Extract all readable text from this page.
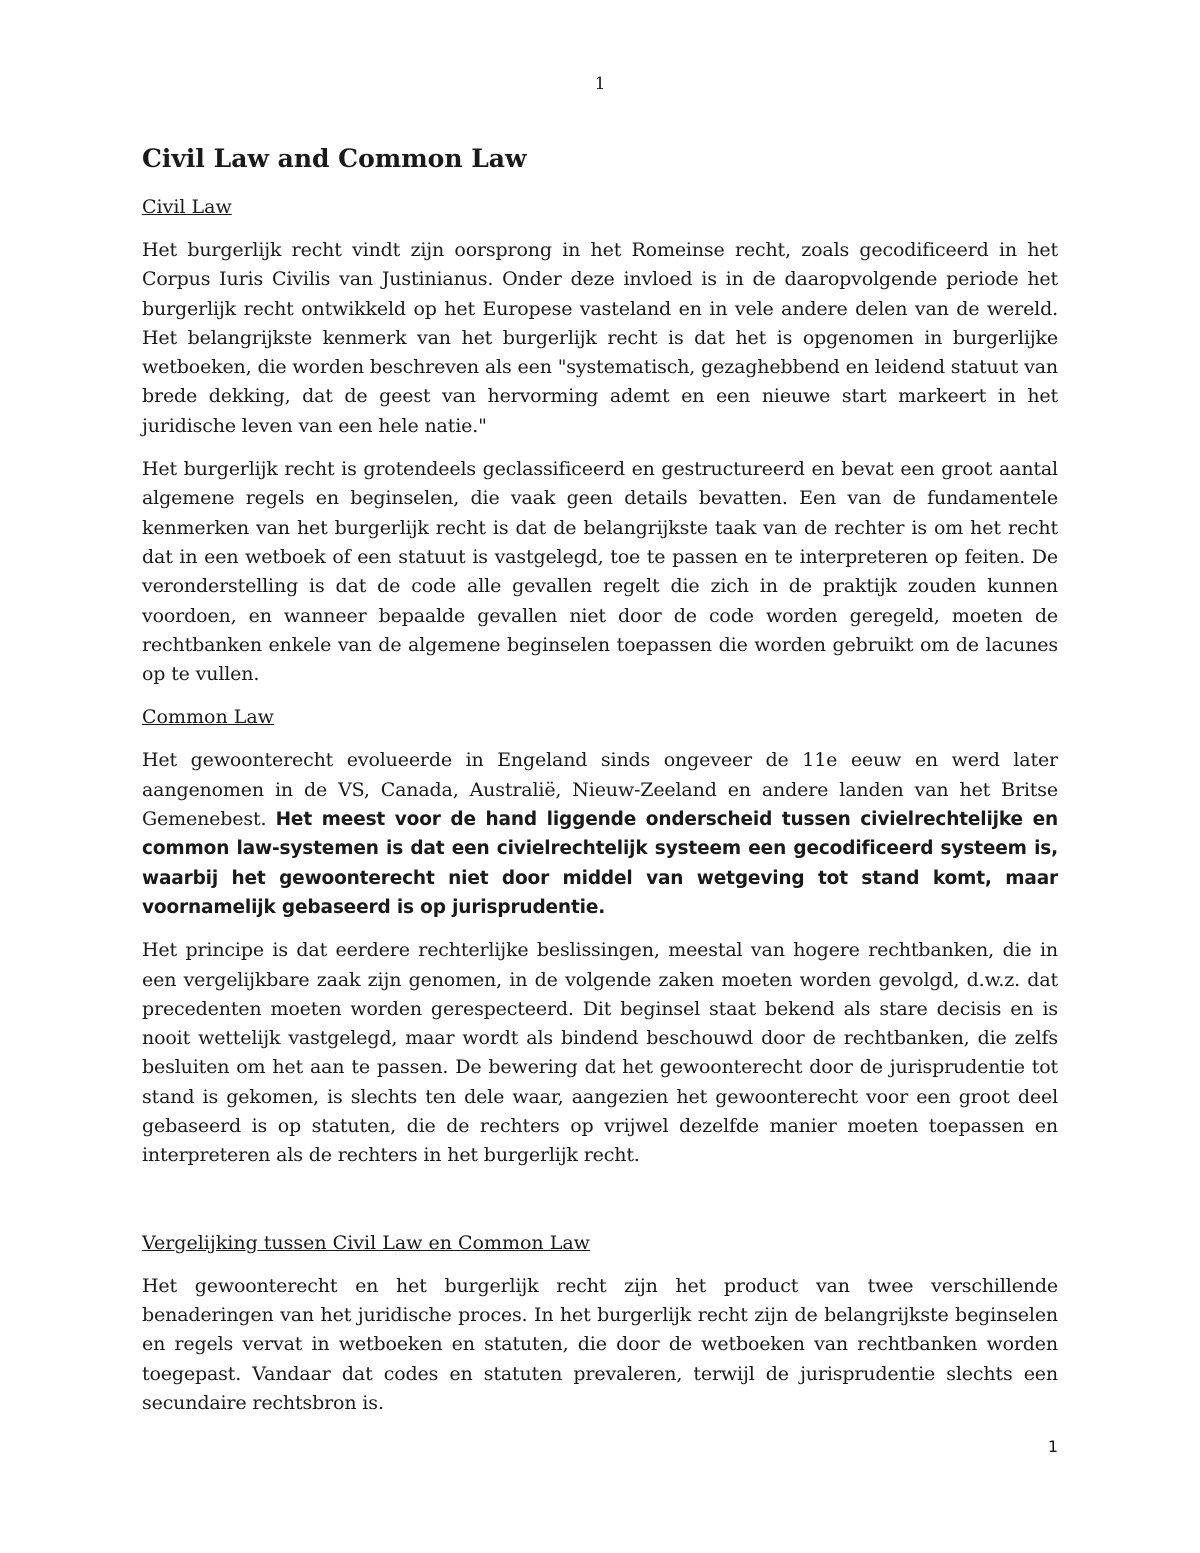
1
Civil Law and Common Law
Civil Law

Het burgerlijk recht vindt zijn oorsprong in het Romeinse recht, zoals gecodificeerd in het Corpus Iuris Civilis van Justinianus. Onder deze invloed is in de daaropvolgende periode het burgerlijk recht ontwikkeld op het Europese vasteland en in vele andere delen van de wereld. Het belangrijkste kenmerk van het burgerlijk recht is dat het is opgenomen in burgerlijke wetboeken, die worden beschreven als een "systematisch, gezaghebbend en leidend statuut van brede dekking, dat de geest van hervorming ademt en een nieuwe start markeert in het juridische leven van een hele natie."

Het burgerlijk recht is grotendeels geclassificeerd en gestructureerd en bevat een groot aantal algemene regels en beginselen, die vaak geen details bevatten. Een van de fundamentele kenmerken van het burgerlijk recht is dat de belangrijkste taak van de rechter is om het recht dat in een wetboek of een statuut is vastgelegd, toe te passen en te interpreteren op feiten. De veronderstelling is dat de code alle gevallen regelt die zich in de praktijk zouden kunnen voordoen, en wanneer bepaalde gevallen niet door de code worden geregeld, moeten de rechtbanken enkele van de algemene beginselen toepassen die worden gebruikt om de lacunes op te vullen.

Common Law

Het gewoonterecht evolueerde in Engeland sinds ongeveer de 11e eeuw en werd later aangenomen in de VS, Canada, Australië, Nieuw-Zeeland en andere landen van het Britse Gemenebest. Het meest voor de hand liggende onderscheid tussen civielrechtelijke en common law-systemen is dat een civielrechtelijk systeem een gecodificeerd systeem is, waarbij het gewoonterecht niet door middel van wetgeving tot stand komt, maar voornamelijk gebaseerd is op jurisprudentie.

Het principe is dat eerdere rechterlijke beslissingen, meestal van hogere rechtbanken, die in een vergelijkbare zaak zijn genomen, in de volgende zaken moeten worden gevolgd, d.w.z. dat precedenten moeten worden gerespecteerd. Dit beginsel staat bekend als stare decisis en is nooit wettelijk vastgelegd, maar wordt als bindend beschouwd door de rechtbanken, die zelfs besluiten om het aan te passen. De bewering dat het gewoonterecht door de jurisprudentie tot stand is gekomen, is slechts ten dele waar, aangezien het gewoonterecht voor een groot deel gebaseerd is op statuten, die de rechters op vrijwel dezelfde manier moeten toepassen en interpreteren als de rechters in het burgerlijk recht.

Vergelijking tussen Civil Law en Common Law

Het gewoonterecht en het burgerlijk recht zijn het product van twee verschillende benaderingen van het juridische proces. In het burgerlijk recht zijn de belangrijkste beginselen en regels vervat in wetboeken en statuten, die door de wetboeken van rechtbanken worden toegepast. Vandaar dat codes en statuten prevaleren, terwijl de jurisprudentie slechts een secundaire rechtsbron is.

1
